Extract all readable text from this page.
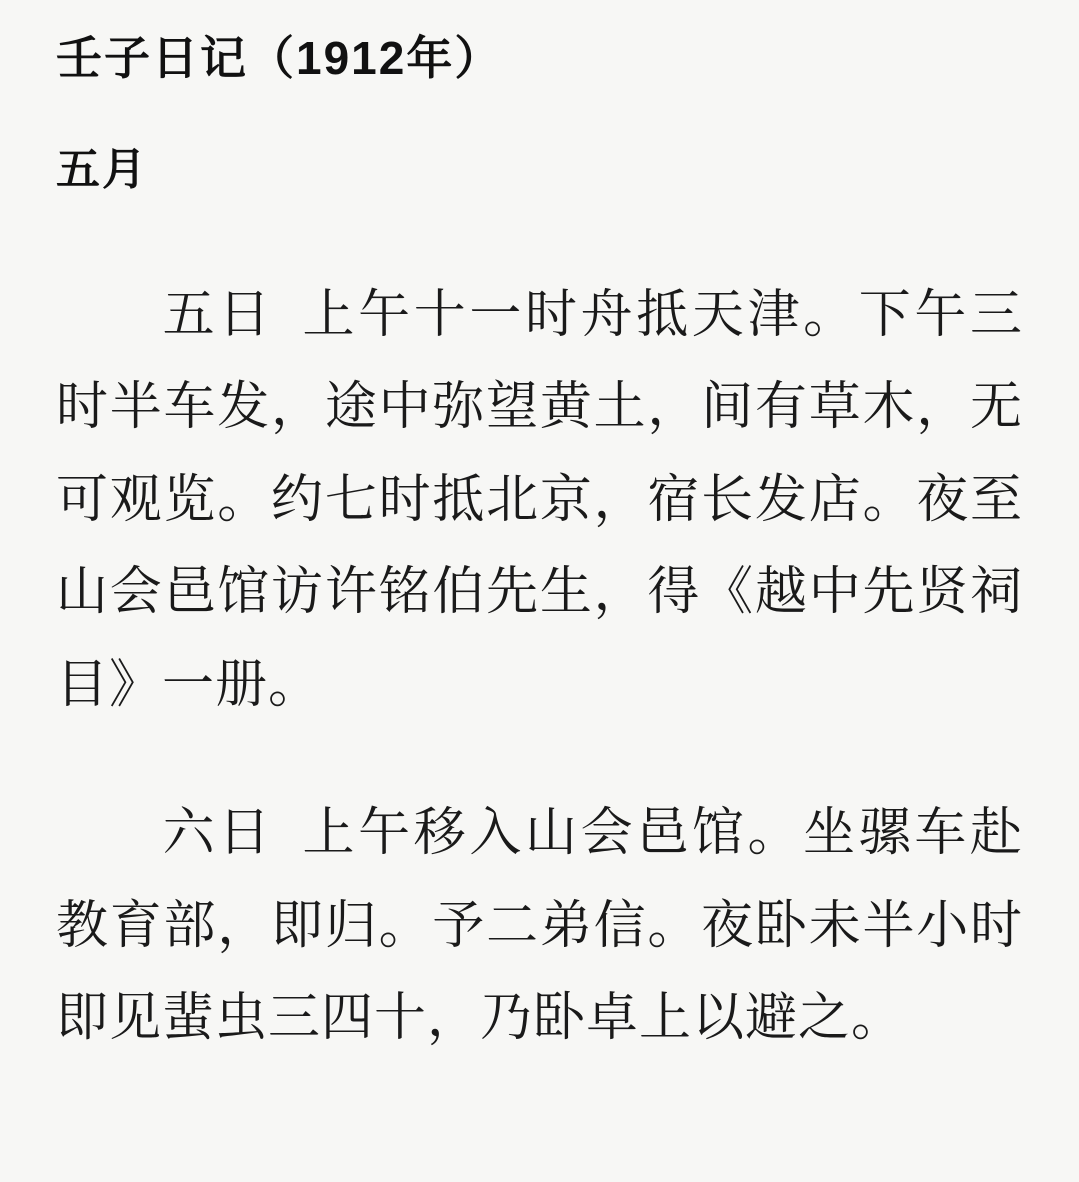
壬子日记（1912年）
五月

五日 上午十一时舟抵天津。下午三时半车发，途中弥望黄土，间有草木，无可观览。约七时抵北京，宿长发店。夜至山会邑馆访许铭伯先生，得《越中先贤祠目》一册。

六日 上午移入山会邑馆。坐骡车赴教育部，即归。予二弟信。夜卧未半小时即见蜚虫三四十，乃卧卓上以避之。
